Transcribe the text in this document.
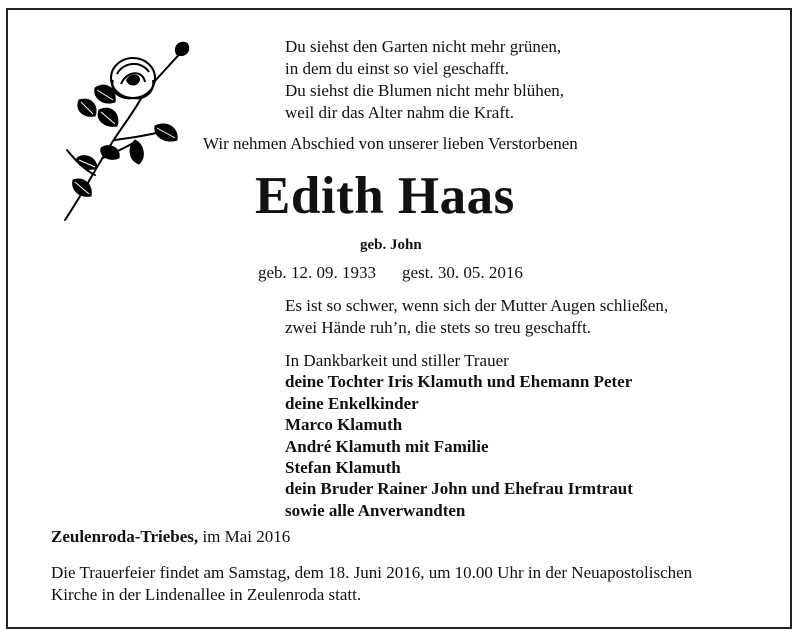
Du siehst den Garten nicht mehr grünen,
in dem du einst so viel geschafft.
Du siehst die Blumen nicht mehr blühen,
weil dir das Alter nahm die Kraft.
Wir nehmen Abschied von unserer lieben Verstorbenen
Edith Haas
geb. John
geb. 12. 09. 1933 gest. 30. 05. 2016
Es ist so schwer, wenn sich der Mutter Augen schließen,
zwei Hände ruh’n, die stets so treu geschafft.
In Dankbarkeit und stiller Trauer
deine Tochter Iris Klamuth und Ehemann Peter
deine Enkelkinder
Marco Klamuth
André Klamuth mit Familie
Stefan Klamuth
dein Bruder Rainer John und Ehefrau Irmtraut
sowie alle Anverwandten
Zeulenroda-Triebes, im Mai 2016
Die Trauerfeier findet am Samstag, dem 18. Juni 2016, um 10.00 Uhr in der Neuapostolischen
Kirche in der Lindenallee in Zeulenroda statt.
